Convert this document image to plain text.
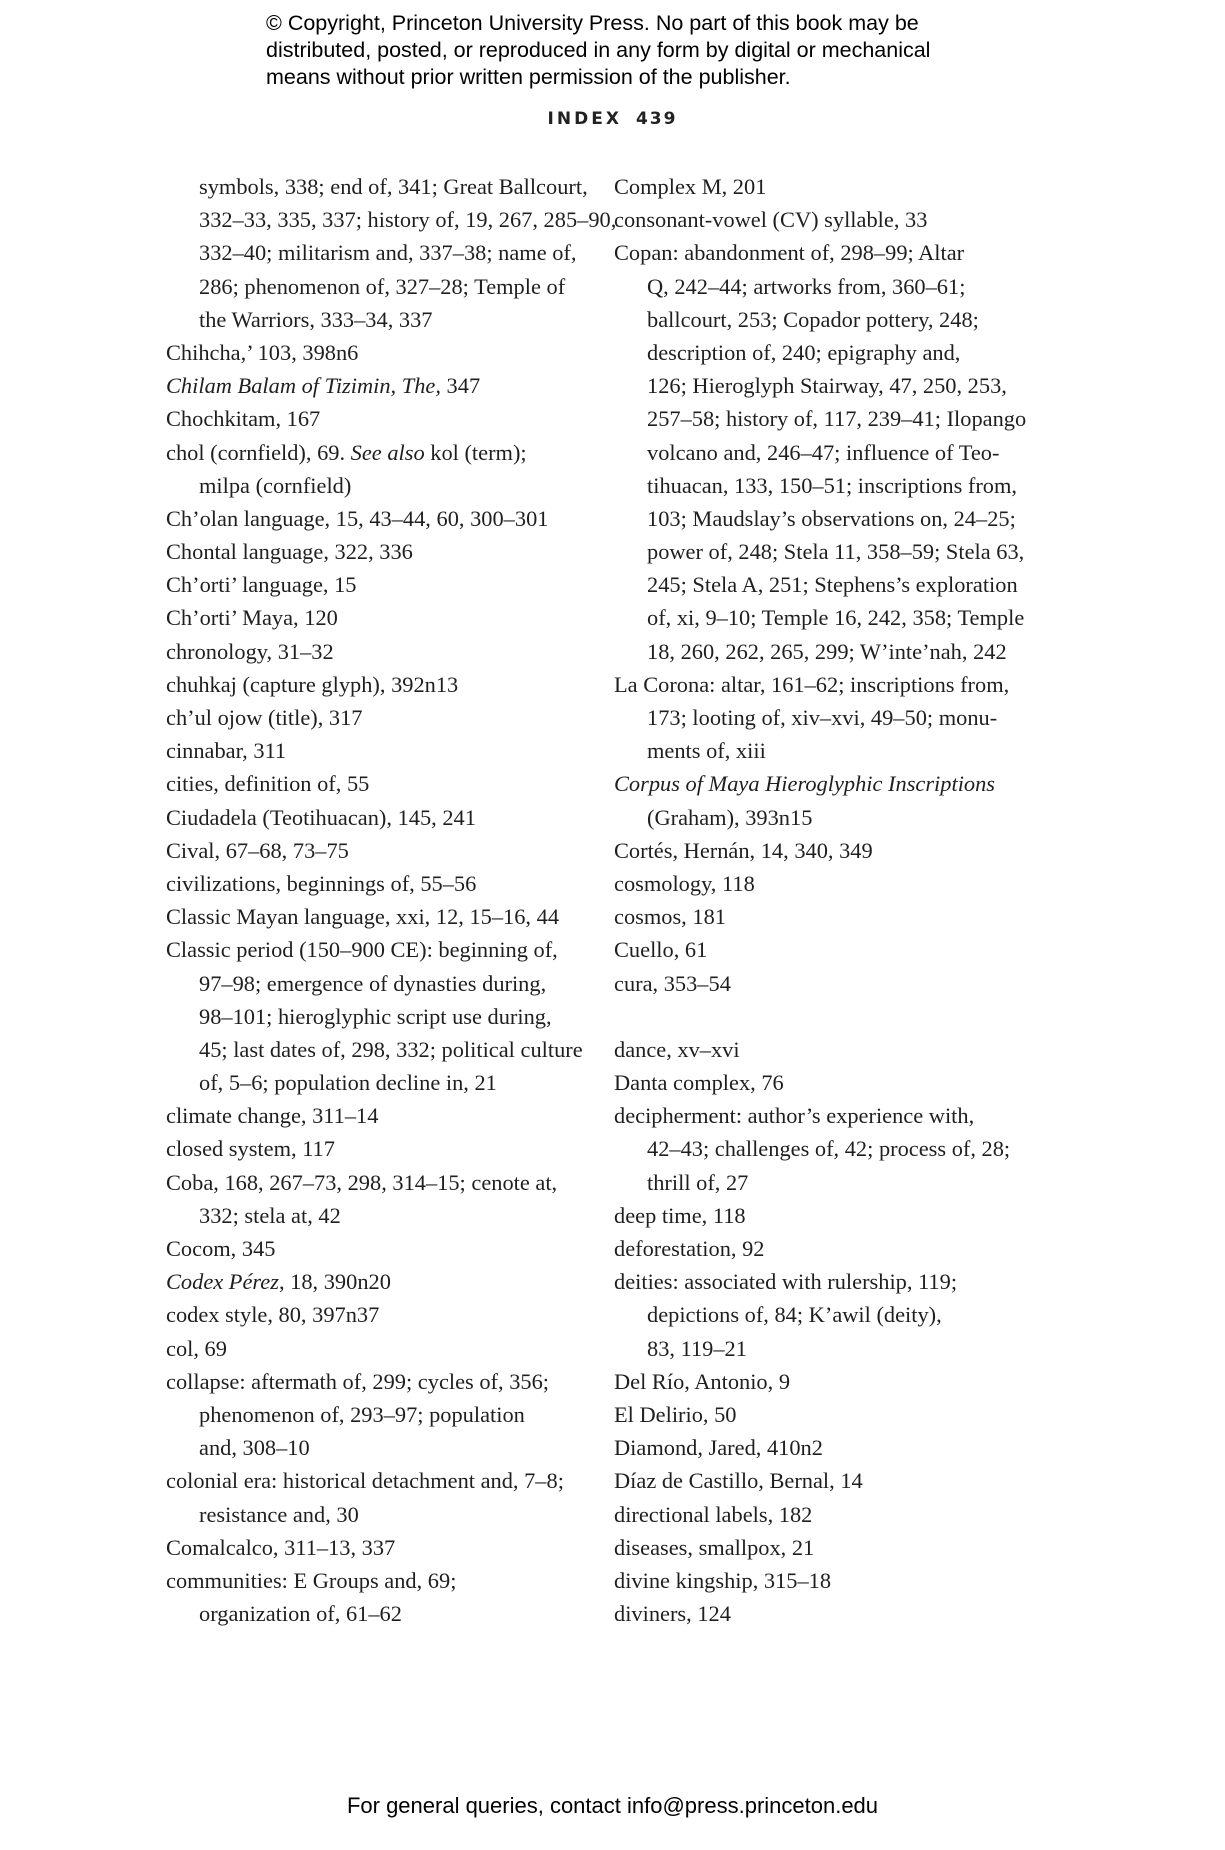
© Copyright, Princeton University Press. No part of this book may be
distributed, posted, or reproduced in any form by digital or mechanical
means without prior written permission of the publisher.
INDEX 439
symbols, 338; end of, 341; Great Ballcourt,
332–33, 335, 337; history of, 19, 267, 285–90,
332–40; militarism and, 337–38; name of,
286; phenomenon of, 327–28; Temple of
the Warriors, 333–34, 337
Chihcha,’ 103, 398n6
Chilam Balam of Tizimin, The, 347
Chochkitam, 167
chol (cornfield), 69. See also kol (term);
milpa (cornfield)
Ch’olan language, 15, 43–44, 60, 300–301
Chontal language, 322, 336
Ch’orti’ language, 15
Ch’orti’ Maya, 120
chronology, 31–32
chuhkaj (capture glyph), 392n13
ch’ul ojow (title), 317
cinnabar, 311
cities, definition of, 55
Ciudadela (Teotihuacan), 145, 241
Cival, 67–68, 73–75
civilizations, beginnings of, 55–56
Classic Mayan language, xxi, 12, 15–16, 44
Classic period (150–900 CE): beginning of,
97–98; emergence of dynasties during,
98–101; hieroglyphic script use during,
45; last dates of, 298, 332; political culture
of, 5–6; population decline in, 21
climate change, 311–14
closed system, 117
Coba, 168, 267–73, 298, 314–15; cenote at,
332; stela at, 42
Cocom, 345
Codex Pérez, 18, 390n20
codex style, 80, 397n37
col, 69
collapse: aftermath of, 299; cycles of, 356;
phenomenon of, 293–97; population
and, 308–10
colonial era: historical detachment and, 7–8;
resistance and, 30
Comalcalco, 311–13, 337
communities: E Groups and, 69;
organization of, 61–62
Complex M, 201
consonant-vowel (CV) syllable, 33
Copan: abandonment of, 298–99; Altar
Q, 242–44; artworks from, 360–61;
ballcourt, 253; Copador pottery, 248;
description of, 240; epigraphy and,
126; Hieroglyph Stairway, 47, 250, 253,
257–58; history of, 117, 239–41; Ilopango
volcano and, 246–47; influence of Teo-
tihuacan, 133, 150–51; inscriptions from,
103; Maudslay’s observations on, 24–25;
power of, 248; Stela 11, 358–59; Stela 63,
245; Stela A, 251; Stephens’s exploration
of, xi, 9–10; Temple 16, 242, 358; Temple
18, 260, 262, 265, 299; W’inte’nah, 242
La Corona: altar, 161–62; inscriptions from,
173; looting of, xiv–xvi, 49–50; monu-
ments of, xiii
Corpus of Maya Hieroglyphic Inscriptions
(Graham), 393n15
Cortés, Hernán, 14, 340, 349
cosmology, 118
cosmos, 181
Cuello, 61
cura, 353–54
dance, xv–xvi
Danta complex, 76
decipherment: author’s experience with,
42–43; challenges of, 42; process of, 28;
thrill of, 27
deep time, 118
deforestation, 92
deities: associated with rulership, 119;
depictions of, 84; K’awil (deity),
83, 119–21
Del Río, Antonio, 9
El Delirio, 50
Diamond, Jared, 410n2
Díaz de Castillo, Bernal, 14
directional labels, 182
diseases, smallpox, 21
divine kingship, 315–18
diviners, 124
For general queries, contact info@press.princeton.edu
